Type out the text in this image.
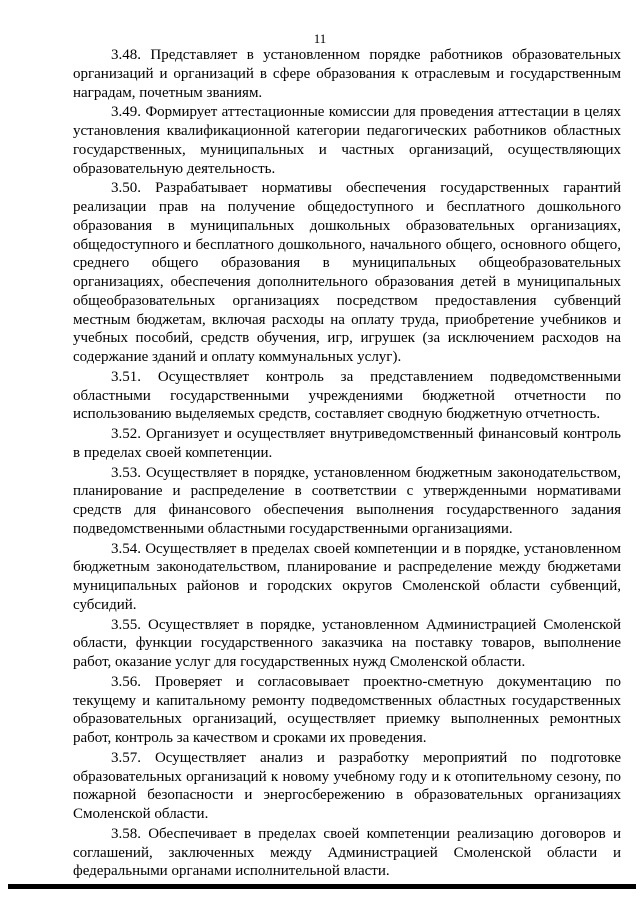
11

3.48. Представляет в установленном порядке работников образовательных организаций и организаций в сфере образования к отраслевым и государственным наградам, почетным званиям.

3.49. Формирует аттестационные комиссии для проведения аттестации в целях установления квалификационной категории педагогических работников областных государственных, муниципальных и частных организаций, осуществляющих образовательную деятельность.

3.50. Разрабатывает нормативы обеспечения государственных гарантий реализации прав на получение общедоступного и бесплатного дошкольного образования в муниципальных дошкольных образовательных организациях, общедоступного и бесплатного дошкольного, начального общего, основного общего, среднего общего образования в муниципальных общеобразовательных организациях, обеспечения дополнительного образования детей в муниципальных общеобразовательных организациях посредством предоставления субвенций местным бюджетам, включая расходы на оплату труда, приобретение учебников и учебных пособий, средств обучения, игр, игрушек (за исключением расходов на содержание зданий и оплату коммунальных услуг).

3.51. Осуществляет контроль за представлением подведомственными областными государственными учреждениями бюджетной отчетности по использованию выделяемых средств, составляет сводную бюджетную отчетность.

3.52. Организует и осуществляет внутриведомственный финансовый контроль в пределах своей компетенции.

3.53. Осуществляет в порядке, установленном бюджетным законодательством, планирование и распределение в соответствии с утвержденными нормативами средств для финансового обеспечения выполнения государственного задания подведомственными областными государственными организациями.

3.54. Осуществляет в пределах своей компетенции и в порядке, установленном бюджетным законодательством, планирование и распределение между бюджетами муниципальных районов и городских округов Смоленской области субвенций, субсидий.

3.55. Осуществляет в порядке, установленном Администрацией Смоленской области, функции государственного заказчика на поставку товаров, выполнение работ, оказание услуг для государственных нужд Смоленской области.

3.56. Проверяет и согласовывает проектно-сметную документацию по текущему и капитальному ремонту подведомственных областных государственных образовательных организаций, осуществляет приемку выполненных ремонтных работ, контроль за качеством и сроками их проведения.

3.57. Осуществляет анализ и разработку мероприятий по подготовке образовательных организаций к новому учебному году и к отопительному сезону, по пожарной безопасности и энергосбережению в образовательных организациях Смоленской области.

3.58. Обеспечивает в пределах своей компетенции реализацию договоров и соглашений, заключенных между Администрацией Смоленской области и федеральными органами исполнительной власти.
